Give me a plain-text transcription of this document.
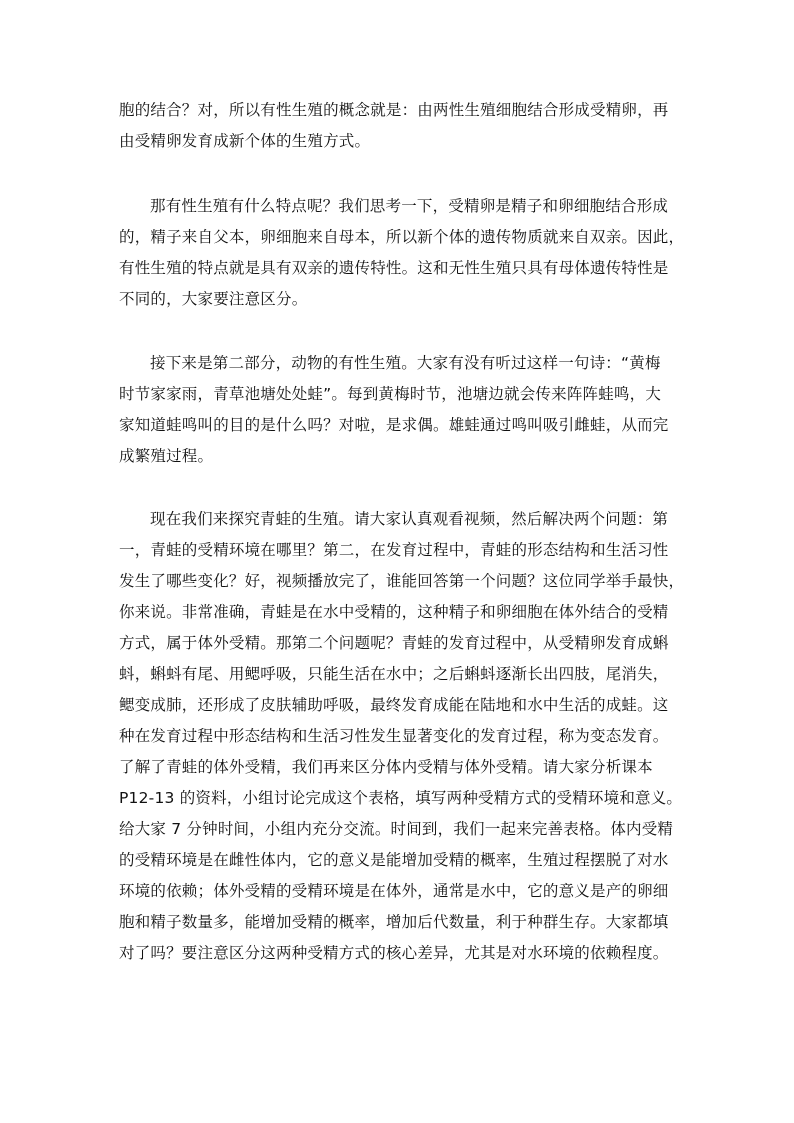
胞的结合？对，所以有性生殖的概念就是：由两性生殖细胞结合形成受精卵，再
由受精卵发育成新个体的生殖方式。

那有性生殖有什么特点呢？我们思考一下，受精卵是精子和卵细胞结合形成
的，精子来自父本，卵细胞来自母本，所以新个体的遗传物质就来自双亲。因此，
有性生殖的特点就是具有双亲的遗传特性。这和无性生殖只具有母体遗传特性是
不同的，大家要注意区分。

接下来是第二部分，动物的有性生殖。大家有没有听过这样一句诗：“黄梅
时节家家雨，青草池塘处处蛙”。每到黄梅时节，池塘边就会传来阵阵蛙鸣，大
家知道蛙鸣叫的目的是什么吗？对啦，是求偶。雄蛙通过鸣叫吸引雌蛙，从而完
成繁殖过程。

现在我们来探究青蛙的生殖。请大家认真观看视频，然后解决两个问题：第
一，青蛙的受精环境在哪里？第二，在发育过程中，青蛙的形态结构和生活习性
发生了哪些变化？好，视频播放完了，谁能回答第一个问题？这位同学举手最快，
你来说。非常准确，青蛙是在水中受精的，这种精子和卵细胞在体外结合的受精
方式，属于体外受精。那第二个问题呢？青蛙的发育过程中，从受精卵发育成蝌
蚪，蝌蚪有尾、用鳃呼吸，只能生活在水中；之后蝌蚪逐渐长出四肢，尾消失，
鳃变成肺，还形成了皮肤辅助呼吸，最终发育成能在陆地和水中生活的成蛙。这
种在发育过程中形态结构和生活习性发生显著变化的发育过程，称为变态发育。
了解了青蛙的体外受精，我们再来区分体内受精与体外受精。请大家分析课本
P12-13 的资料，小组讨论完成这个表格，填写两种受精方式的受精环境和意义。
给大家 7 分钟时间，小组内充分交流。时间到，我们一起来完善表格。体内受精
的受精环境是在雌性体内，它的意义是能增加受精的概率，生殖过程摆脱了对水
环境的依赖；体外受精的受精环境是在体外，通常是水中，它的意义是产的卵细
胞和精子数量多，能增加受精的概率，增加后代数量，利于种群生存。大家都填
对了吗？要注意区分这两种受精方式的核心差异，尤其是对水环境的依赖程度。
